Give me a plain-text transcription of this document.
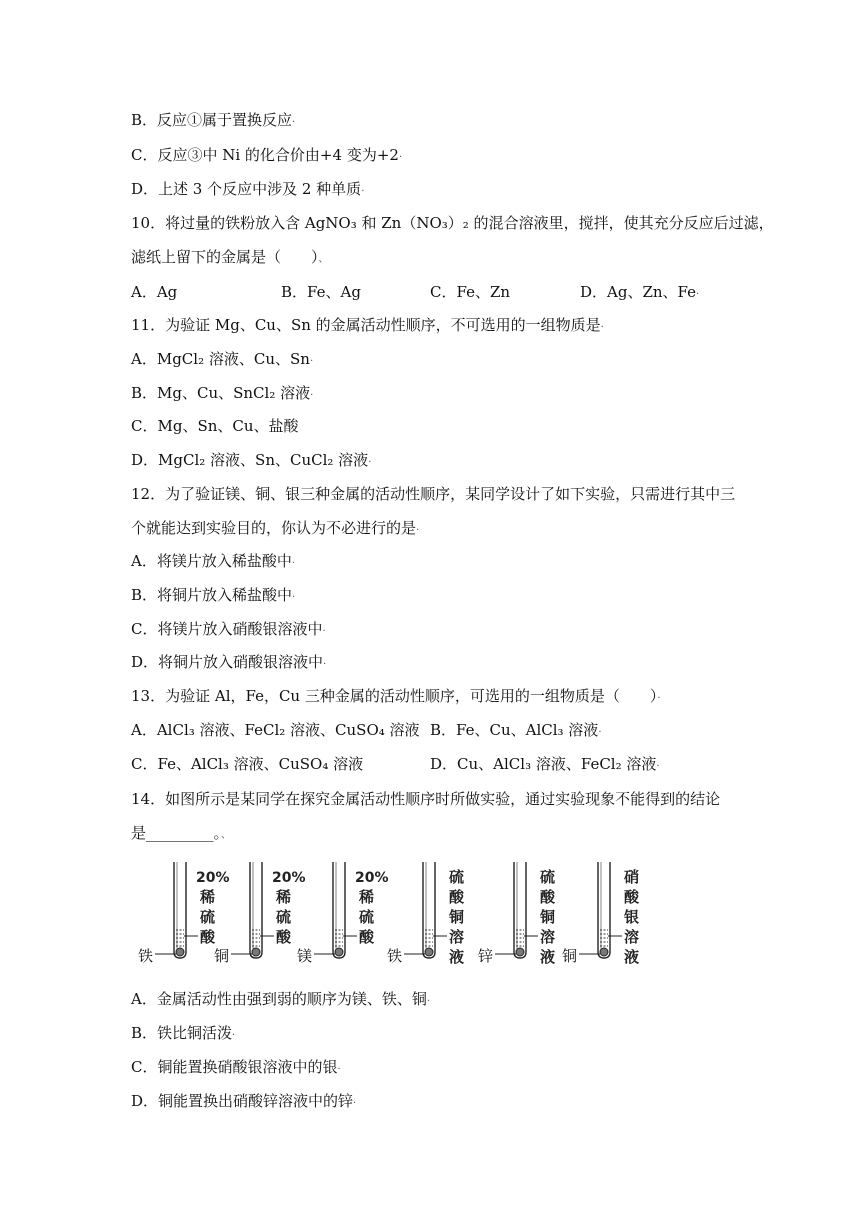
B．反应①属于置换反应·
C．反应③中 Ni 的化合价由+4 变为+2·
D．上述 3 个反应中涉及 2 种单质·
10．将过量的铁粉放入含 AgNO₃ 和 Zn（NO₃）₂ 的混合溶液里，搅拌，使其充分反应后过滤，
滤纸上留下的金属是（　　）、
A．Ag	B．Fe、Ag	C．Fe、Zn	D．Ag、Zn、Fe·
11．为验证 Mg、Cu、Sn 的金属活动性顺序，不可选用的一组物质是·
A．MgCl₂ 溶液、Cu、Sn·
B．Mg、Cu、SnCl₂ 溶液·
C．Mg、Sn、Cu、盐酸
D．MgCl₂ 溶液、Sn、CuCl₂ 溶液·
12．为了验证镁、铜、银三种金属的活动性顺序，某同学设计了如下实验，只需进行其中三
个就能达到实验目的，你认为不必进行的是·
A．将镁片放入稀盐酸中·
B．将铜片放入稀盐酸中·
C．将镁片放入硝酸银溶液中·
D．将铜片放入硝酸银溶液中·
13．为验证 Al，Fe，Cu 三种金属的活动性顺序，可选用的一组物质是（　　）·
A．AlCl₃ 溶液、FeCl₂ 溶液、CuSO₄ 溶液 B．Fe、Cu、AlCl₃ 溶液·
C．Fe、AlCl₃ 溶液、CuSO₄ 溶液	D．Cu、AlCl₃ 溶液、FeCl₂ 溶液·
14．如图所示是某同学在探究金属活动性顺序时所做实验，通过实验现象不能得到的结论
是_________。、
铁
20%
稀
硫
酸
铜
20%
稀
硫
酸
镁
20%
稀
硫
酸
铁
硫
酸
铜
溶
液 锌
硫
酸
铜
溶
液 铜
硝
酸
银
溶
液
A．金属活动性由强到弱的顺序为镁、铁、铜·
B．铁比铜活泼·
C．铜能置换硝酸银溶液中的银·
D．铜能置换出硝酸锌溶液中的锌·
